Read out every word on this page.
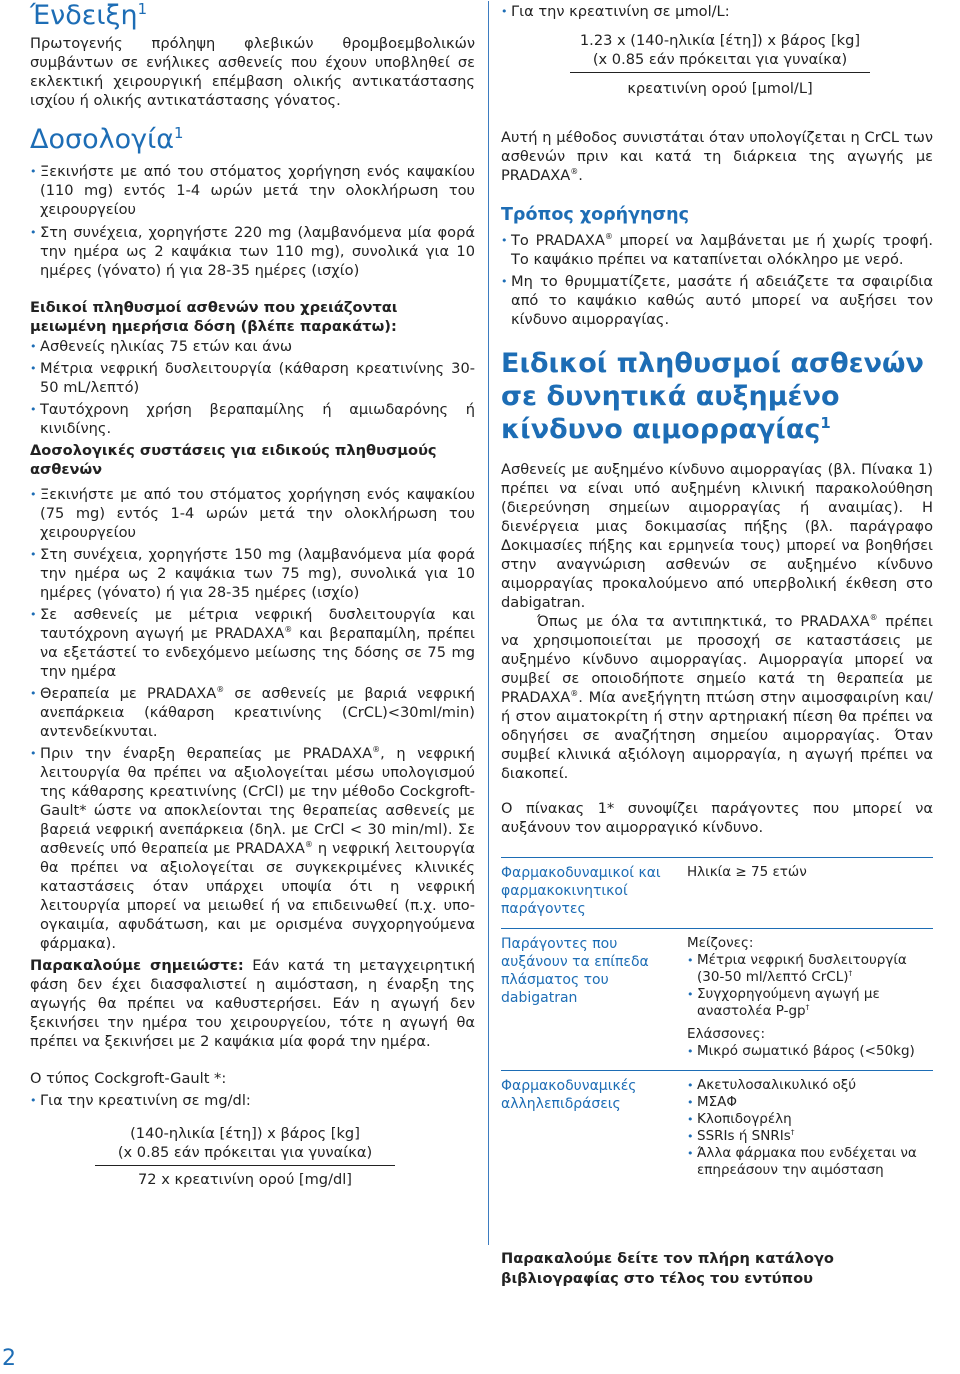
Ένδειξη$^1$

Πρωτογενής πρόληψη φλεβικών θρομβοεμβολικών συμβάντων σε ενήλικες ασθενείς που έχουν υποβληθεί σε εκλεκτική χειρουργική επέμβαση ολικής αντικατάστασης ισχίου ή ολικής αντικατάστασης γόνατος.

Δοσολογία$^1$
• Ξεκινήστε με από του στόματος χορήγηση ενός καψακίου (110 mg) εντός 1-4 ωρών μετά την ολοκλήρωση του χειρουργείου
• Στη συνέχεια, χορηγήστε 220 mg (λαμβανόμενα μία φορά την ημέρα ως 2 καψάκια των 110 mg), συνολικά για 10 ημέρες (γόνατο) ή για 28-35 ημέρες (ισχίο)

Ειδικοί πληθυσμοί ασθενών που χρειάζονται μειωμένη ημερήσια δόση (βλέπε παρακάτω):

• Ασθενείς ηλικίας 75 ετών και άνω
• Μέτρια νεφρική δυσλειτουργία (κάθαρση κρεατινίνης 30-50 mL/λεπτό)
• Ταυτόχρονη χρήση βεραπαμίλης ή αμιωδαρόνης ή κινιδίνης.

Δοσολογικές συστάσεις για ειδικούς πληθυσμούς ασθενών

• Ξεκινήστε με από του στόματος χορήγηση ενός καψακίου (75 mg) εντός 1-4 ωρών μετά την ολοκλήρωση του χειρουργείου
• Στη συνέχεια, χορηγήστε 150 mg (λαμβανόμενα μία φορά την ημέρα ως 2 καψάκια των 75 mg), συνολικά για 10 ημέρες (γόνατο) ή για 28-35 ημέρες (ισχίο)
• Σε ασθενείς με μέτρια νεφρική δυσλειτουργία και ταυτόχρονη αγωγή με PRADAXA® και βεραπαμίλη, πρέπει να εξετάστεί το ενδεχόμενο μείωσης της δόσης σε 75 mg την ημέρα
• Θεραπεία με PRADAXA® σε ασθενείς με βαριά νεφρική ανεπάρκεια (κάθαρση κρεατινίνης (CrCL)<30ml/min) αντενδείκνυται.
• Πριν την έναρξη θεραπείας με PRADAXA®, η νεφρική λειτουργία θα πρέπει να αξιολογείται μέσω υπολογισμού της κάθαρσης κρεατινίνης (CrCl) με την μέθοδο Cockgroft-Gault* ώστε να αποκλείονται της θεραπείας ασθενείς με βαρειά νεφρική ανεπάρκεια (δηλ. με CrCl < 30 min/ml). Σε ασθενείς υπό θεραπεία με PRADAXA® η νεφρική λειτουργία θα πρέπει να αξιολογείται σε συγκεκριμένες κλινικές καταστάσεις όταν υπάρχει υποψία ότι η νεφρική λειτουργία μπορεί να μειωθεί ή να επιδεινωθεί (π.χ. υπο-ογκαιμία, αφυδάτωση, και με ορισμένα συγχορηγούμενα φάρμακα).

Παρακαλούμε σημειώστε: Εάν κατά τη μεταγχειρητική φάση δεν έχει διασφαλιστεί η αιμόσταση, η έναρξη της αγωγής θα πρέπει να καθυστερήσει. Εάν η αγωγή δεν ξεκινήσει την ημέρα του χειρουργείου, τότε η αγωγή θα πρέπει να ξεκινήσει με 2 καψάκια μία φορά την ημέρα.

Ο τύπος Cockgroft-Gault *:

• Για την κρεατινίνη σε mg/dl:
(140-ηλικία [έτη]) x βάρος [kg]
(x 0.85 εάν πρόκειται για γυναίκα)
72 x κρεατινίνη ορού [mg/dl]
• Για την κρεατινίνη σε μmol/L:
1.23 x (140-ηλικία [έτη]) x βάρος [kg]
(x 0.85 εάν πρόκειται για γυναίκα)
κρεατινίνη ορού [μmol/L]

Αυτή η μέθοδος συνιστάται όταν υπολογίζεται η CrCL των ασθενών πριν και κατά τη διάρκεια της αγωγής με PRADAXA®.

Τρόπος χορήγησης

• Το PRADAXA® μπορεί να λαμβάνεται με ή χωρίς τροφή. Το καψάκιο πρέπει να καταπίνεται ολόκληρο με νερό.
• Μη το θρυμματίζετε, μασάτε ή αδειάζετε τα σφαιρίδια από το καψάκιο καθώς αυτό μπορεί να αυξήσει τον κίνδυνο αιμορραγίας.
Ειδικοί πληθυσμοί ασθενών σε δυνητικά αυξημένο κίνδυνο αιμορραγίας$^1$

Ασθενείς με αυξημένο κίνδυνο αιμορραγίας (βλ. Πίνακα 1) πρέπει να είναι υπό αυξημένη κλινική παρακολούθηση (διερεύνηση σημείων αιμορραγίας ή αναιμίας). Η διενέργεια μιας δοκιμασίας πήξης (βλ. παράγραφο Δοκιμασίες πήξης και ερμηνεία τους) μπορεί να βοηθήσει στην αναγνώριση ασθενών σε αυξημένο κίνδυνο αιμορραγίας προκαλούμενο από υπερβολική έκθεση στο dabigatran.

Όπως με όλα τα αντιπηκτικά, το PRADAXA® πρέπει να χρησιμοποιείται με προσοχή σε καταστάσεις με αυξημένο κίνδυνο αιμορραγίας. Αιμορραγία μπορεί να συμβεί σε οποιοδήποτε σημείο κατά τη θεραπεία με PRADAXA®. Μία ανεξήγητη πτώση στην αιμοσφαιρίνη και/ή στον αιματοκρίτη ή στην αρτηριακή πίεση θα πρέπει να οδηγήσει σε αναζήτηση σημείου αιμορραγίας. Όταν συμβεί κλινικά αξιόλογη αιμορραγία, η αγωγή πρέπει να διακοπεί.

Ο πίνακας 1* συνοψίζει παράγοντες που μπορεί να αυξάνουν τον αιμορραγικό κίνδυνο.

Φαρμακοδυναμικοί και φαρμακοκινητικοί παράγοντες
Ηλικία ≥ 75 ετών
Παράγοντες που αυξάνουν τα επίπεδα πλάσματος του dabigatran
Μείζονες:
• Μέτρια νεφρική δυσλειτουργία (30-50 ml/λεπτό CrCL)†
• Συγχορηγούμενη αγωγή με αναστολέα P-gp†
Ελάσσονες:
• Μικρό σωματικό βάρος (<50kg)
Φαρμακοδυναμικές αλληλεπιδράσεις
• Ακετυλοσαλικυλικό οξύ
• ΜΣΑΦ
• Κλοπιδογρέλη
• SSRIs ή SNRIs†
• Άλλα φάρμακα που ενδέχεται να επηρεάσουν την αιμόσταση

Παρακαλούμε δείτε τον πλήρη κατάλογο βιβλιογραφίας στο τέλος του εντύπου

2
